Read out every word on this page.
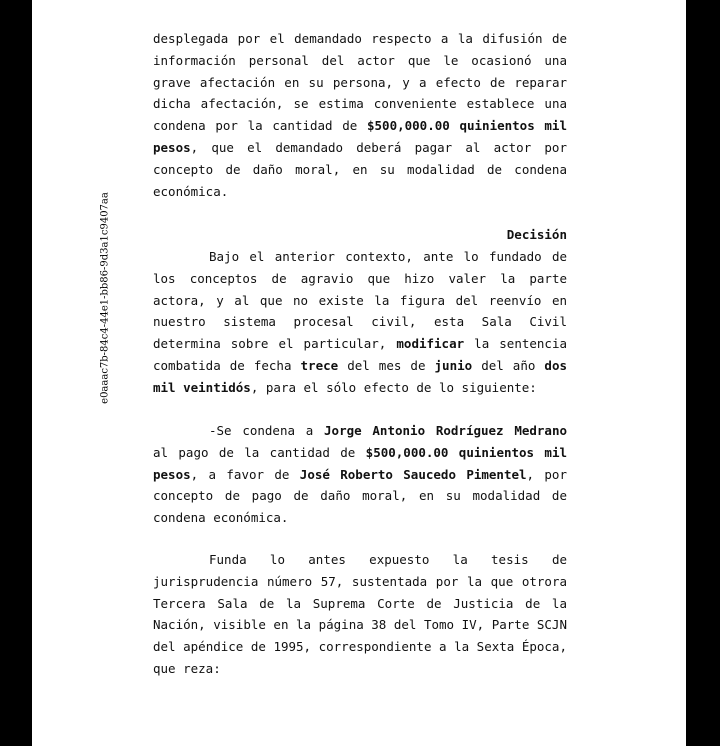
e0aaac7b-84c4-44e1-bb86-9d3a1c9407aa
desplegada por el demandado respecto a la difusión de información personal del actor que le ocasionó una grave afectación en su persona, y a efecto de reparar dicha afectación, se estima conveniente establece una condena por la cantidad de $500,000.00 quinientos mil pesos, que el demandado deberá pagar al actor por concepto de daño moral, en su modalidad de condena económica.
Decisión
Bajo el anterior contexto, ante lo fundado de los conceptos de agravio que hizo valer la parte actora, y al que no existe la figura del reenvío en nuestro sistema procesal civil, esta Sala Civil determina sobre el particular, modificar la sentencia combatida de fecha trece del mes de junio del año dos mil veintidós, para el sólo efecto de lo siguiente:
-Se condena a Jorge Antonio Rodríguez Medrano al pago de la cantidad de $500,000.00 quinientos mil pesos, a favor de José Roberto Saucedo Pimentel, por concepto de pago de daño moral, en su modalidad de condena económica.
Funda lo antes expuesto la tesis de jurisprudencia número 57, sustentada por la que otrora Tercera Sala de la Suprema Corte de Justicia de la Nación, visible en la página 38 del Tomo IV, Parte SCJN del apéndice de 1995, correspondiente a la Sexta Época, que reza:
